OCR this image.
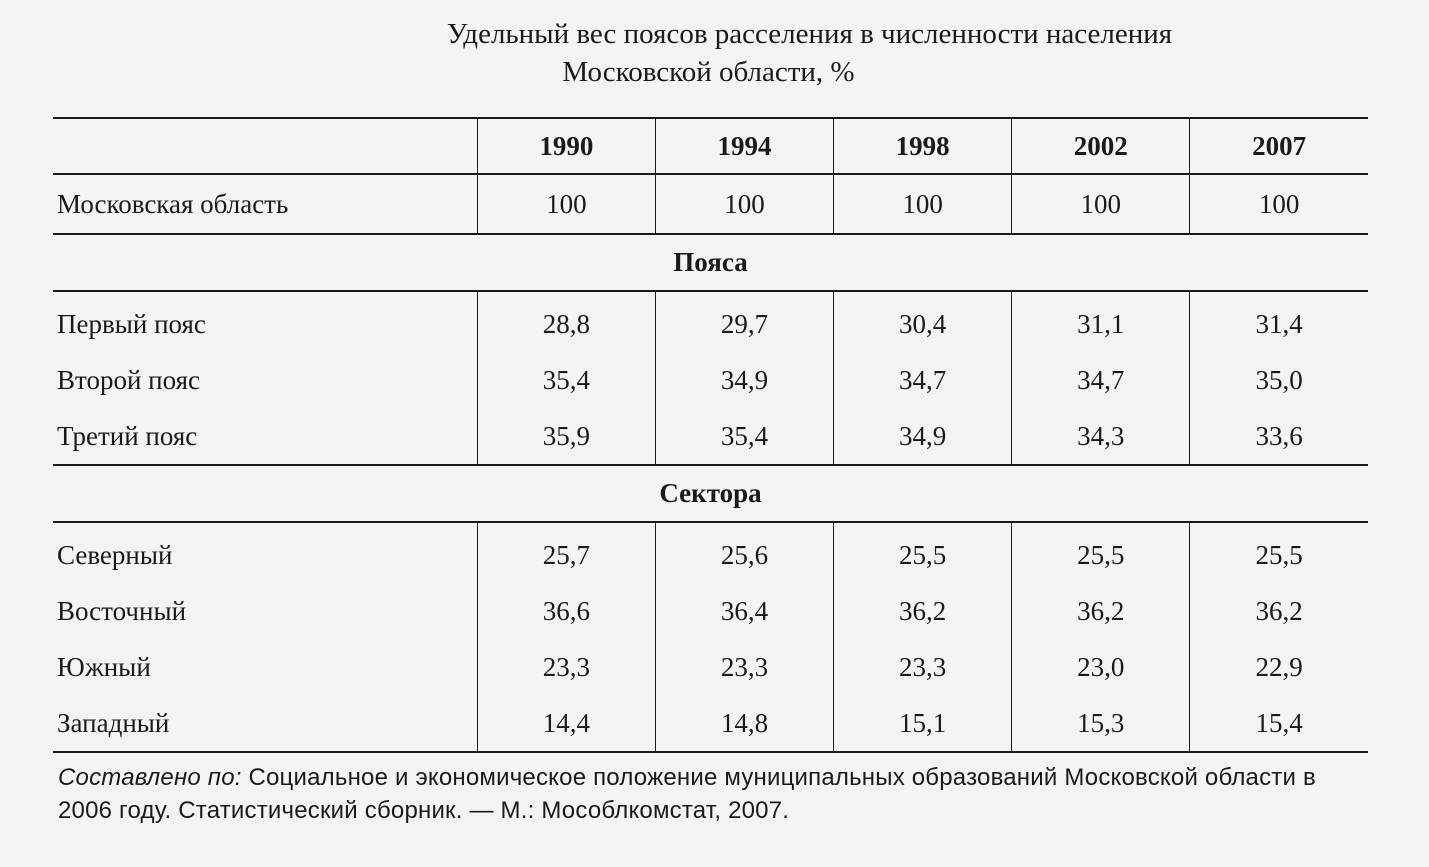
Удельный вес поясов расселения в численности населения
Московской области, %
	1990	1994	1998	2002	2007
Московская область	100	100	100	100	100
Пояса					
Первый пояс	28,8	29,7	30,4	31,1	31,4
Второй пояс	35,4	34,9	34,7	34,7	35,0
Третий пояс	35,9	35,4	34,9	34,3	33,6
Сектора					
Северный	25,7	25,6	25,5	25,5	25,5
Восточный	36,6	36,4	36,2	36,2	36,2
Южный	23,3	23,3	23,3	23,0	22,9
Западный	14,4	14,8	15,1	15,3	15,4
Составлено по: Социальное и экономическое положение муниципальных образований Московской области в 2006 году. Статистический сборник. — М.: Мособлкомстат, 2007.
